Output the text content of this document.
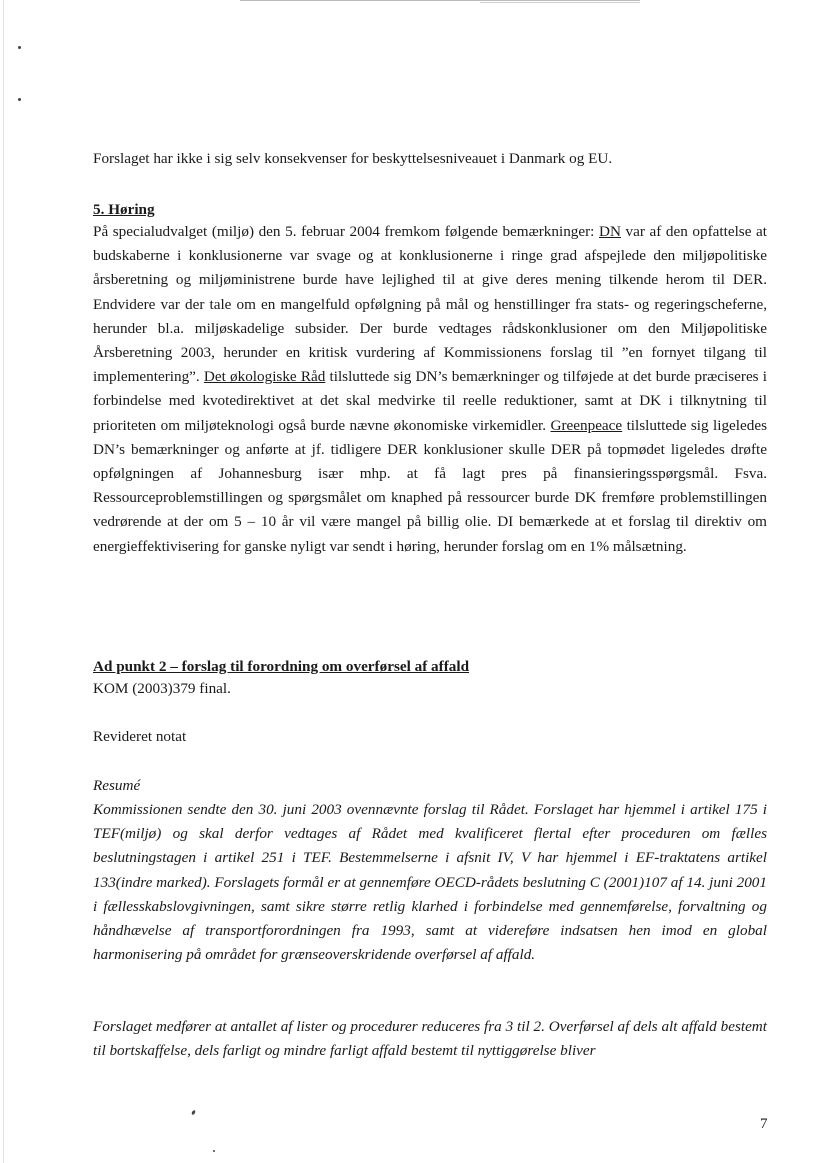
Forslaget har ikke i sig selv konsekvenser for beskyttelsesniveauet i Danmark og EU.

5. Høring

På specialudvalget (miljø) den 5. februar 2004 fremkom følgende bemærkninger: DN var af den opfattelse at budskaberne i konklusionerne var svage og at konklusionerne i ringe grad afspejlede den miljøpolitiske årsberetning og miljøministrene burde have lejlighed til at give deres mening tilkende herom til DER. Endvidere var der tale om en mangelfuld opfølgning på mål og henstillinger fra stats- og regeringscheferne, herunder bl.a. miljøskadelige subsider. Der burde vedtages rådskonklusioner om den Miljøpolitiske Årsberetning 2003, herunder en kritisk vurdering af Kommissionens forslag til ”en fornyet tilgang til implementering”. Det økologiske Råd tilsluttede sig DN’s bemærkninger og tilføjede at det burde præciseres i forbindelse med kvotedirektivet at det skal medvirke til reelle reduktioner, samt at DK i tilknytning til prioriteten om miljøteknologi også burde nævne økonomiske virkemidler. Greenpeace tilsluttede sig ligeledes DN’s bemærkninger og anførte at jf. tidligere DER konklusioner skulle DER på topmødet ligeledes drøfte opfølgningen af Johannesburg især mhp. at få lagt pres på finansieringsspørgsmål. Fsva. Ressourceproblemstillingen og spørgsmålet om knaphed på ressourcer burde DK fremføre problemstillingen vedrørende at der om 5 – 10 år vil være mangel på billig olie. DI bemærkede at et forslag til direktiv om energieffektivisering for ganske nyligt var sendt i høring, herunder forslag om en 1% målsætning.

Ad punkt 2 – forslag til forordning om overførsel af affald

KOM (2003)379 final.

Revideret notat

Resumé

Kommissionen sendte den 30. juni 2003 ovennævnte forslag til Rådet. Forslaget har hjemmel i artikel 175 i TEF(miljø) og skal derfor vedtages af Rådet med kvalificeret flertal efter proceduren om fælles beslutningstagen i artikel 251 i TEF. Bestemmelserne i afsnit IV, V har hjemmel i EF-traktatens artikel 133(indre marked). Forslagets formål er at gennemføre OECD-rådets beslutning C (2001)107 af 14. juni 2001 i fællesskabslovgivningen, samt sikre større retlig klarhed i forbindelse med gennemførelse, forvaltning og håndhævelse af transportforordningen fra 1993, samt at videreføre indsatsen hen imod en global harmonisering på området for grænseoverskridende overførsel af affald.

Forslaget medfører at antallet af lister og procedurer reduceres fra 3 til 2. Overførsel af dels alt affald bestemt til bortskaffelse, dels farligt og mindre farligt affald bestemt til nyttiggørelse bliver

7
